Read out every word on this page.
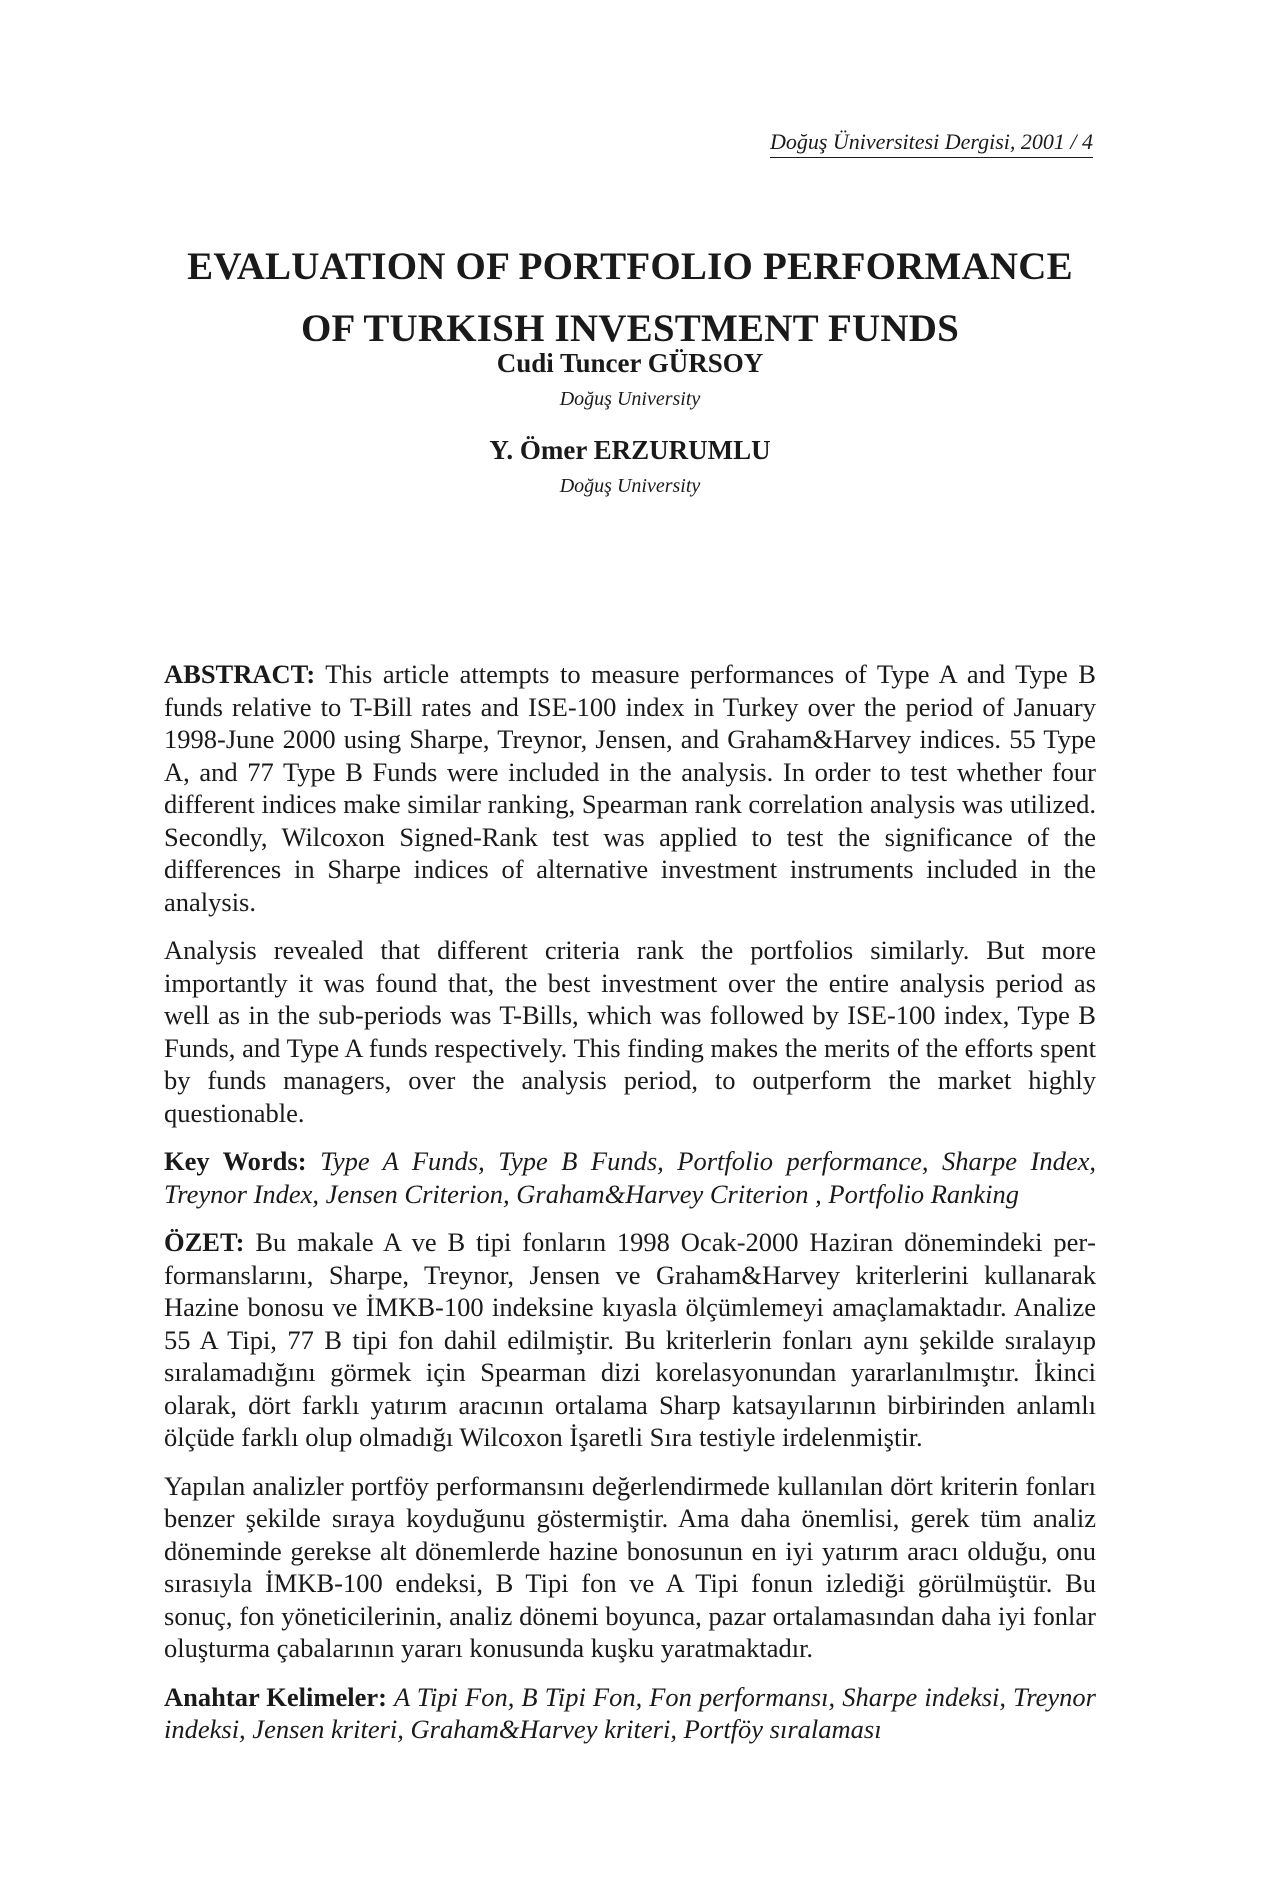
Doğuş Üniversitesi Dergisi, 2001 / 4
EVALUATION OF PORTFOLIO PERFORMANCE
OF TURKISH INVESTMENT FUNDS

Cudi Tuncer GÜRSOY

Doğuş University

Y. Ömer ERZURUMLU

Doğuş University

ABSTRACT: This article attempts to measure performances of Type A and Type B funds relative to T-Bill rates and ISE-100 index in Turkey over the period of January 1998-June 2000 using Sharpe, Treynor, Jensen, and Graham&Harvey indices. 55 Type A, and 77 Type B Funds were included in the analysis. In order to test whether four different indices make similar ranking, Spearman rank correlation analysis was utilized. Secondly, Wilcoxon Signed-Rank test was applied to test the significance of the differences in Sharpe indices of alternative investment instruments included in the analysis.

Analysis revealed that different criteria rank the portfolios similarly. But more importantly it was found that, the best investment over the entire analysis period as well as in the sub-periods was T-Bills, which was followed by ISE-100 index, Type B Funds, and Type A funds respectively. This finding makes the merits of the efforts spent by funds managers, over the analysis period, to outperform the market highly questionable.

Key Words: Type A Funds, Type B Funds, Portfolio performance, Sharpe Index, Treynor Index, Jensen Criterion, Graham&Harvey Criterion , Portfolio Ranking

ÖZET: Bu makale A ve B tipi fonların 1998 Ocak-2000 Haziran dönemindeki performanslarını, Sharpe, Treynor, Jensen ve Graham&Harvey kriterlerini kullanarak Hazine bonosu ve İMKB-100 indeksine kıyasla ölçümlemeyi amaçlamaktadır. Analize 55 A Tipi, 77 B tipi fon dahil edilmiştir. Bu kriterlerin fonları aynı şekilde sıralayıp sıralamadığını görmek için Spearman dizi korelasyonundan yararlanılmıştır. İkinci olarak, dört farklı yatırım aracının ortalama Sharp katsayılarının birbirinden anlamlı ölçüde farklı olup olmadığı Wilcoxon İşaretli Sıra testiyle irdelenmiştir.

Yapılan analizler portföy performansını değerlendirmede kullanılan dört kriterin fonları benzer şekilde sıraya koyduğunu göstermiştir. Ama daha önemlisi, gerek tüm analiz döneminde gerekse alt dönemlerde hazine bonosunun en iyi yatırım aracı olduğu, onu sırasıyla İMKB-100 endeksi, B Tipi fon ve A Tipi fonun izlediği görülmüştür. Bu sonuç, fon yöneticilerinin, analiz dönemi boyunca, pazar ortalamasından daha iyi fonlar oluşturma çabalarının yararı konusunda kuşku yaratmaktadır.

Anahtar Kelimeler: A Tipi Fon, B Tipi Fon, Fon performansı, Sharpe indeksi, Treynor indeksi, Jensen kriteri, Graham&Harvey kriteri, Portföy sıralaması
